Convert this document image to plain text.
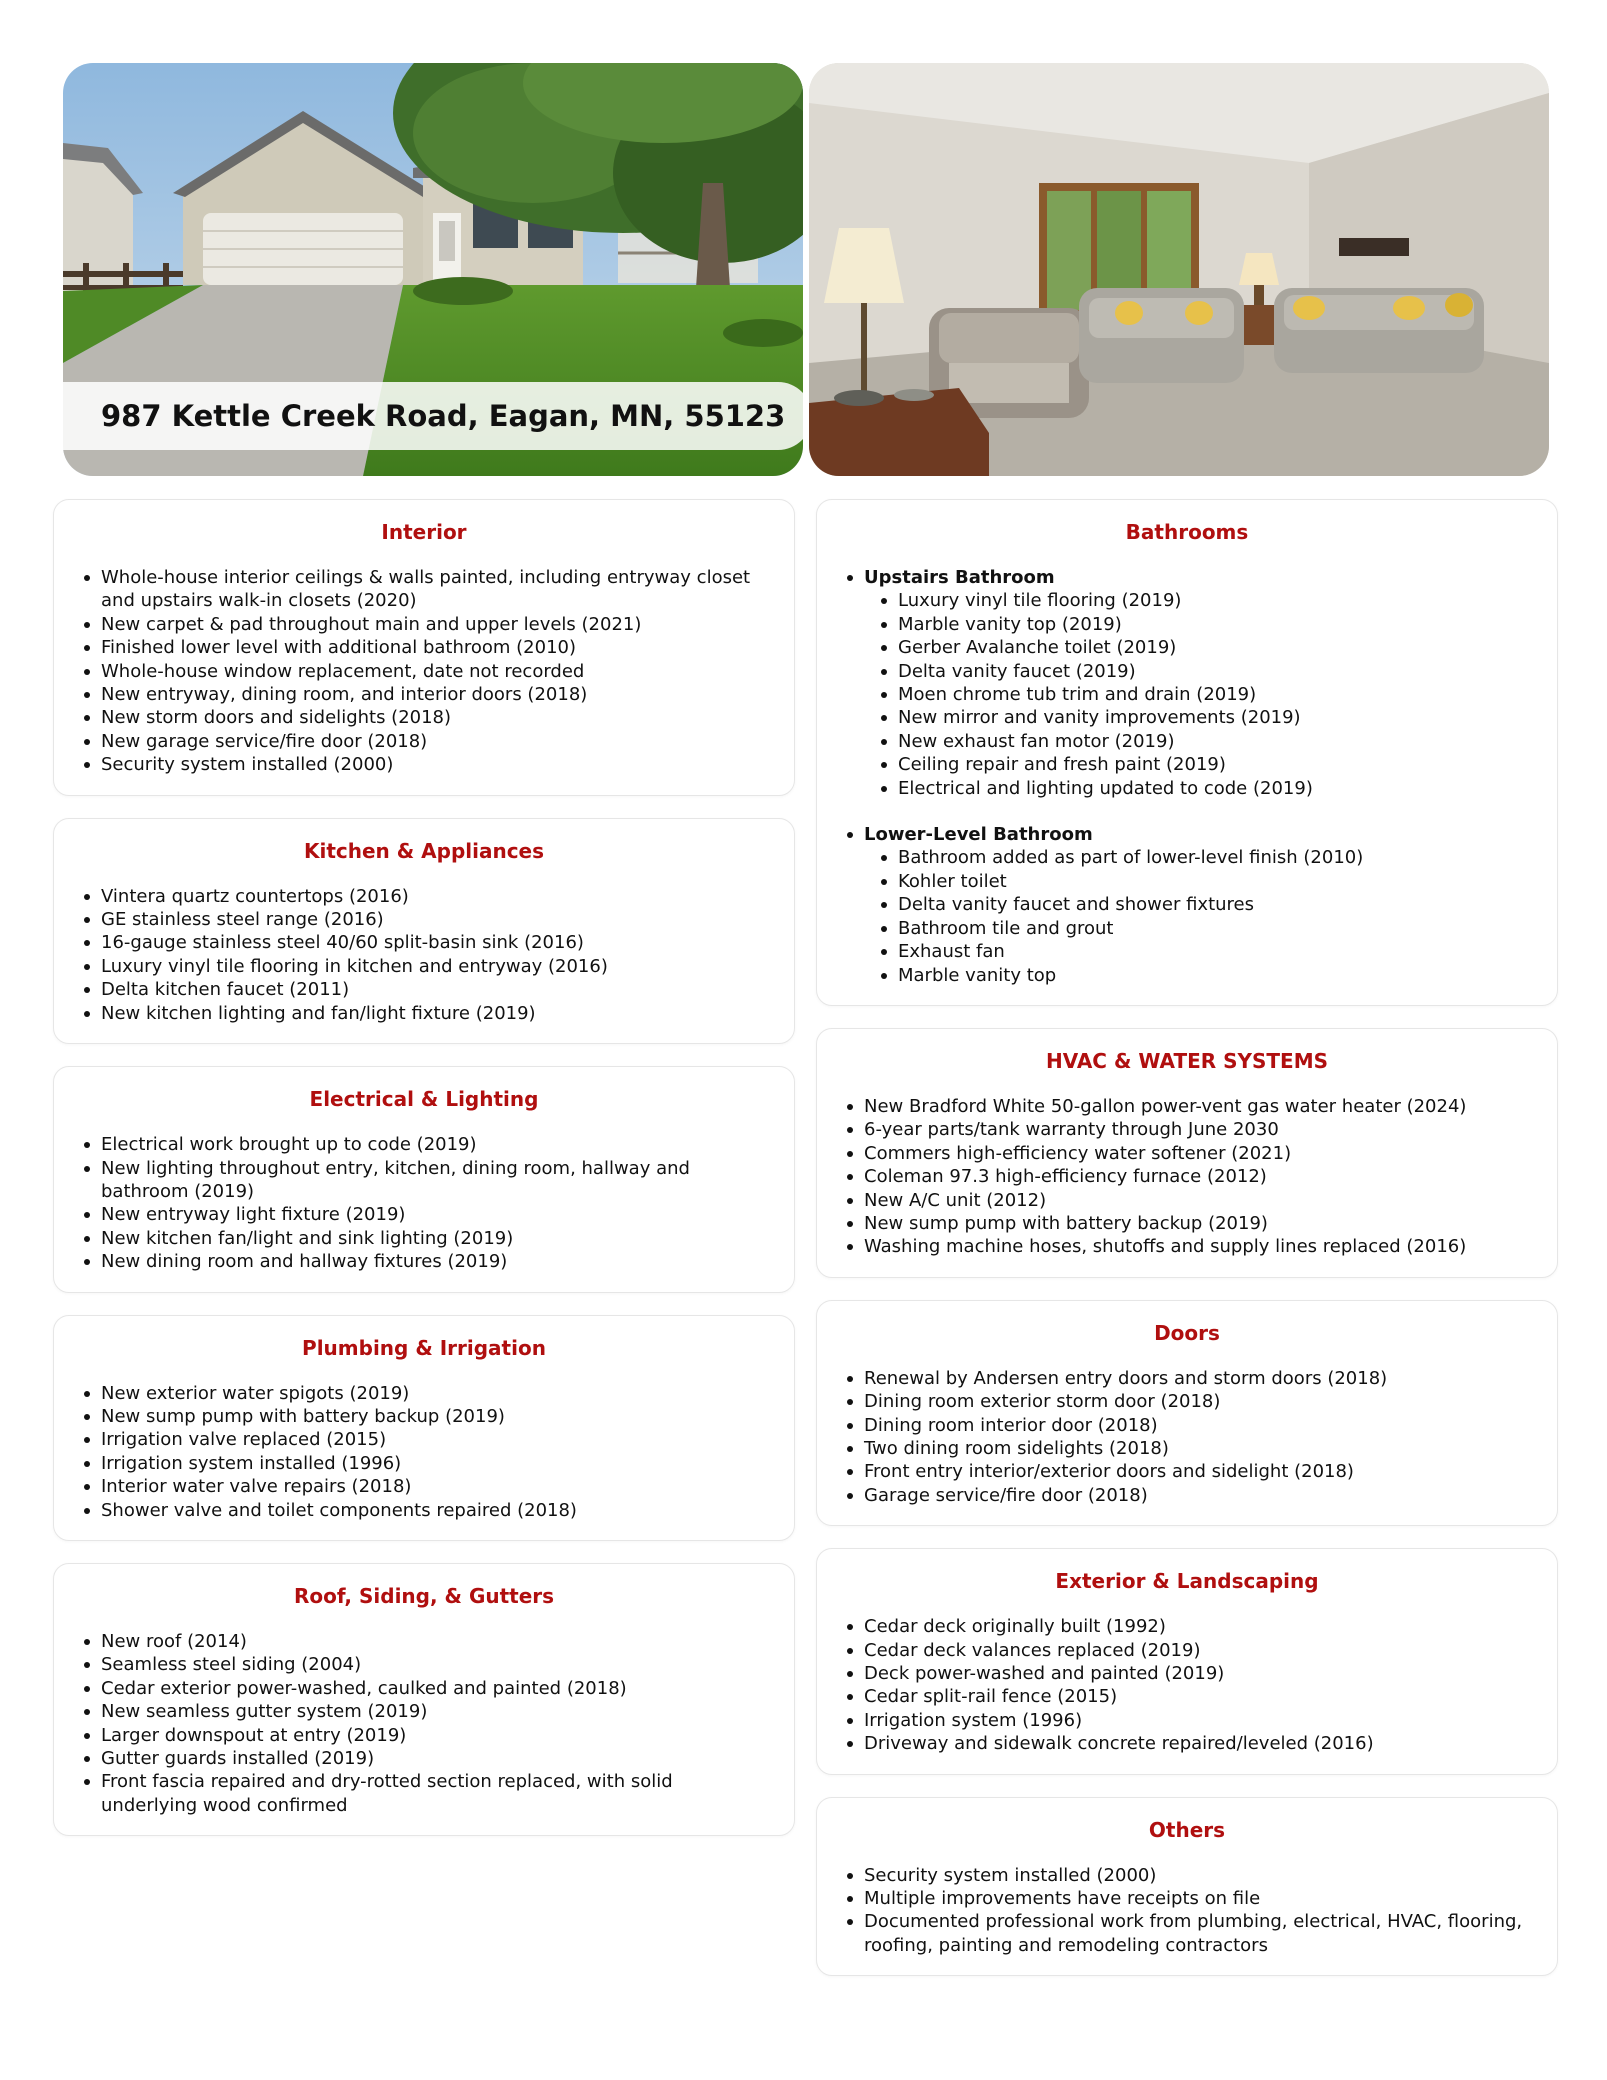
987 Kettle Creek Road, Eagan, MN, 55123
Interior
Whole-house interior ceilings & walls painted, including entryway closet and upstairs walk-in closets (2020)
New carpet & pad throughout main and upper levels (2021)
Finished lower level with additional bathroom (2010)
Whole-house window replacement, date not recorded
New entryway, dining room, and interior doors (2018)
New storm doors and sidelights (2018)
New garage service/fire door (2018)
Security system installed (2000)
Kitchen & Appliances
Vintera quartz countertops (2016)
GE stainless steel range (2016)
16-gauge stainless steel 40/60 split-basin sink (2016)
Luxury vinyl tile flooring in kitchen and entryway (2016)
Delta kitchen faucet (2011)
New kitchen lighting and fan/light fixture (2019)
Electrical & Lighting
Electrical work brought up to code (2019)
New lighting throughout entry, kitchen, dining room, hallway and bathroom (2019)
New entryway light fixture (2019)
New kitchen fan/light and sink lighting (2019)
New dining room and hallway fixtures (2019)
Plumbing & Irrigation
New exterior water spigots (2019)
New sump pump with battery backup (2019)
Irrigation valve replaced (2015)
Irrigation system installed (1996)
Interior water valve repairs (2018)
Shower valve and toilet components repaired (2018)
Roof, Siding, & Gutters
New roof (2014)
Seamless steel siding (2004)
Cedar exterior power-washed, caulked and painted (2018)
New seamless gutter system (2019)
Larger downspout at entry (2019)
Gutter guards installed (2019)
Front fascia repaired and dry-rotted section replaced, with solid underlying wood confirmed
Bathrooms
Upstairs Bathroom
Luxury vinyl tile flooring (2019)
Marble vanity top (2019)
Gerber Avalanche toilet (2019)
Delta vanity faucet (2019)
Moen chrome tub trim and drain (2019)
New mirror and vanity improvements (2019)
New exhaust fan motor (2019)
Ceiling repair and fresh paint (2019)
Electrical and lighting updated to code (2019)
Lower-Level Bathroom
Bathroom added as part of lower-level finish (2010)
Kohler toilet
Delta vanity faucet and shower fixtures
Bathroom tile and grout
Exhaust fan
Marble vanity top
HVAC & WATER SYSTEMS
New Bradford White 50-gallon power-vent gas water heater (2024)
6-year parts/tank warranty through June 2030
Commers high-efficiency water softener (2021)
Coleman 97.3 high-efficiency furnace (2012)
New A/C unit (2012)
New sump pump with battery backup (2019)
Washing machine hoses, shutoffs and supply lines replaced (2016)
Doors
Renewal by Andersen entry doors and storm doors (2018)
Dining room exterior storm door (2018)
Dining room interior door (2018)
Two dining room sidelights (2018)
Front entry interior/exterior doors and sidelight (2018)
Garage service/fire door (2018)
Exterior & Landscaping
Cedar deck originally built (1992)
Cedar deck valances replaced (2019)
Deck power-washed and painted (2019)
Cedar split-rail fence (2015)
Irrigation system (1996)
Driveway and sidewalk concrete repaired/leveled (2016)
Others
Security system installed (2000)
Multiple improvements have receipts on file
Documented professional work from plumbing, electrical, HVAC, flooring, roofing, painting and remodeling contractors
